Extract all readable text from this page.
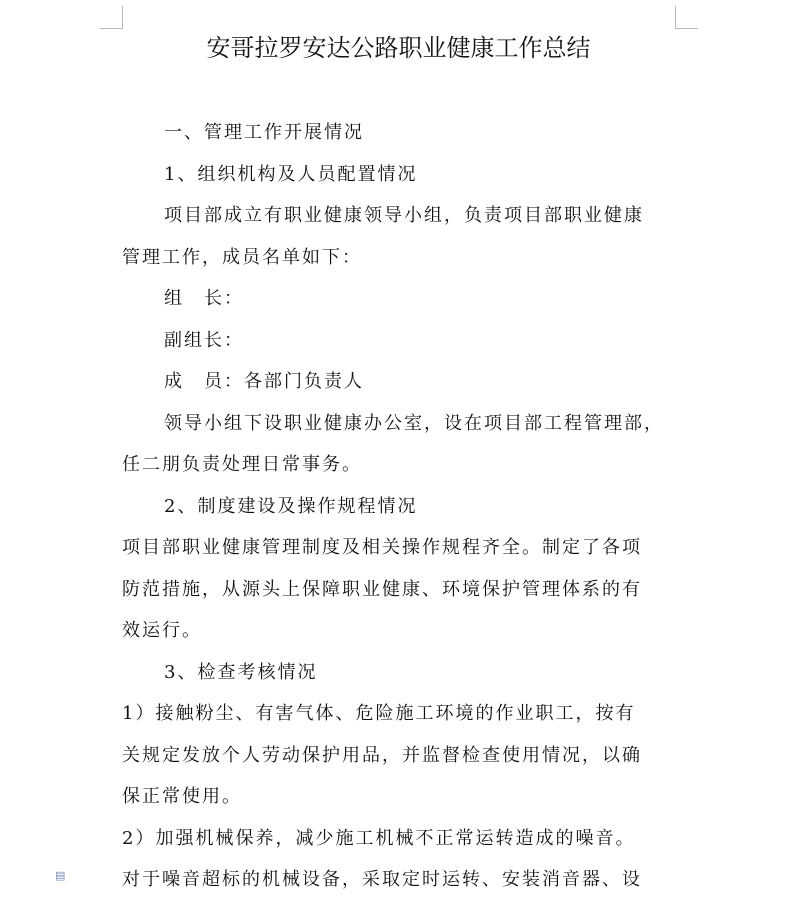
安哥拉罗安达公路职业健康工作总结
一、管理工作开展情况
1、组织机构及人员配置情况
项目部成立有职业健康领导小组，负责项目部职业健康
管理工作，成员名单如下：
组　长：
副组长：
成　员：各部门负责人
领导小组下设职业健康办公室，设在项目部工程管理部，
任二朋负责处理日常事务。
2、制度建设及操作规程情况
项目部职业健康管理制度及相关操作规程齐全。制定了各项
防范措施，从源头上保障职业健康、环境保护管理体系的有
效运行。
3、检查考核情况
1）接触粉尘、有害气体、危险施工环境的作业职工，按有
关规定发放个人劳动保护用品，并监督检查使用情况，以确
保正常使用。
2）加强机械保养，减少施工机械不正常运转造成的噪音。
对于噪音超标的机械设备，采取定时运转、安装消音器、设
▤
